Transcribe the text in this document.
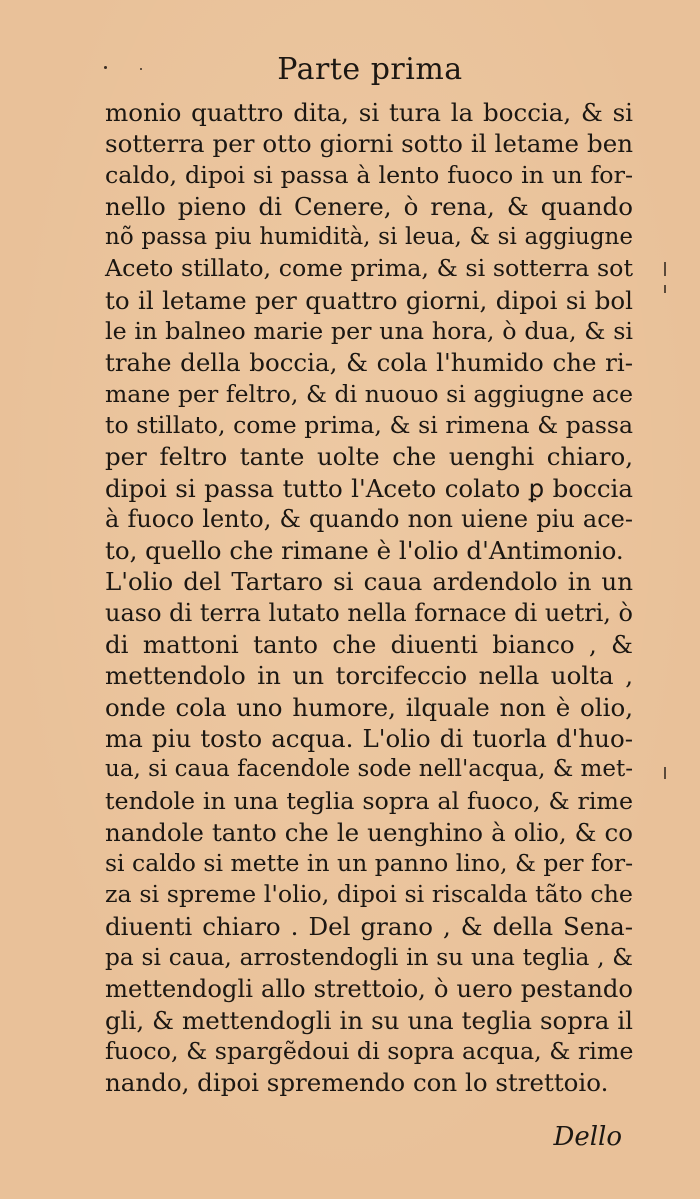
Parte prima
monio quattro dita, si tura la boccia, & si
sotterra per otto giorni sotto il letame ben
caldo, dipoi si passa à lento fuoco in un for-
nello pieno di Cenere, ò rena, & quando
nõ passa piu humidità, si leua, & si aggiugne
Aceto stillato, come prima, & si sotterra sot
to il letame per quattro giorni, dipoi si bol
le in balneo marie per una hora, ò dua, & si
trahe della boccia, & cola l'humido che ri-
mane per feltro, & di nuouo si aggiugne ace
to stillato, come prima, & si rimena & passa
per feltro tante uolte che uenghi chiaro,
dipoi si passa tutto l'Aceto colato ꝑ boccia
à fuoco lento, & quando non uiene piu ace-
to, quello che rimane è l'olio d'Antimonio.
L'olio del Tartaro si caua ardendolo in un
uaso di terra lutato nella fornace di uetri, ò
di mattoni tanto che diuenti bianco , &
mettendolo in un torcifeccio nella uolta ,
onde cola uno humore, ilquale non è olio,
ma piu tosto acqua. L'olio di tuorla d'huo-
ua, si caua facendole sode nell'acqua, & met-
tendole in una teglia sopra al fuoco, & rime
nandole tanto che le uenghino à olio, & co
si caldo si mette in un panno lino, & per for-
za si spreme l'olio, dipoi si riscalda tãto che
diuenti chiaro . Del grano , & della Sena-
pa si caua, arrostendogli in su una teglia , &
mettendogli allo strettoio, ò uero pestando
gli, & mettendogli in su una teglia sopra il
fuoco, & spargẽdoui di sopra acqua, & rime
nando, dipoi spremendo con lo strettoio.
Dello
